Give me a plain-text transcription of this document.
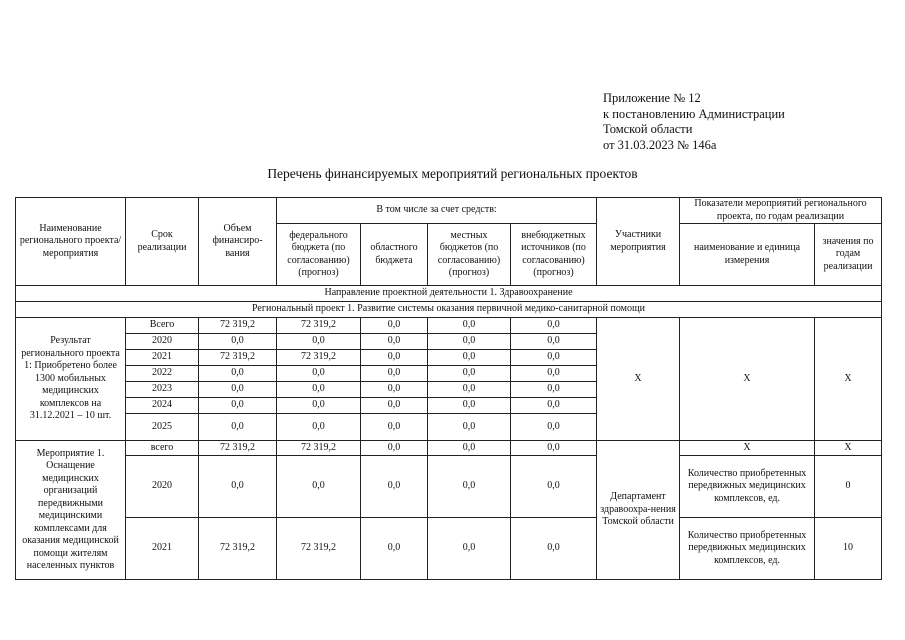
Приложение № 12
к постановлению Администрации
Томской области
от 31.03.2023 № 146а
Перечень финансируемых мероприятий региональных проектов
Наименование регионального проекта/ мероприятия	Срок реализации	Объем финансиро-вания	В том числе за счет средств:				Участники мероприятия	Показатели мероприятий регионального проекта, по годам реализации	
			федерального бюджета (по согласованию) (прогноз)	областного бюджета	местных бюджетов (по согласованию) (прогноз)	внебюджетных источников (по согласованию) (прогноз)		наименование и единица измерения	значения по годам реализации
Направление проектной деятельности 1. Здравоохранение									
Региональный проект 1. Развитие системы оказания первичной медико-санитарной помощи									
Результат регионального проекта 1: Приобретено более 1300 мобильных медицинских комплексов на 31.12.2021 – 10 шт.	Всего	72 319,2	72 319,2	0,0	0,0	0,0	X	X	X
	2020	0,0	0,0	0,0	0,0	0,0			
	2021	72 319,2	72 319,2	0,0	0,0	0,0			
	2022	0,0	0,0	0,0	0,0	0,0			
	2023	0,0	0,0	0,0	0,0	0,0			
	2024	0,0	0,0	0,0	0,0	0,0			
	2025	0,0	0,0	0,0	0,0	0,0			
Мероприятие 1. Оснащение медицинских организаций передвижными медицинскими комплексами для оказания медицинской помощи жителям населенных пунктов	всего	72 319,2	72 319,2	0,0	0,0	0,0	Департамент здравоохра-нения Томской области	X	X
	2020	0,0	0,0	0,0	0,0	0,0		Количество приобретенных передвижных медицинских комплексов, ед.	0
	2021	72 319,2	72 319,2	0,0	0,0	0,0		Количество приобретенных передвижных медицинских комплексов, ед.	10
